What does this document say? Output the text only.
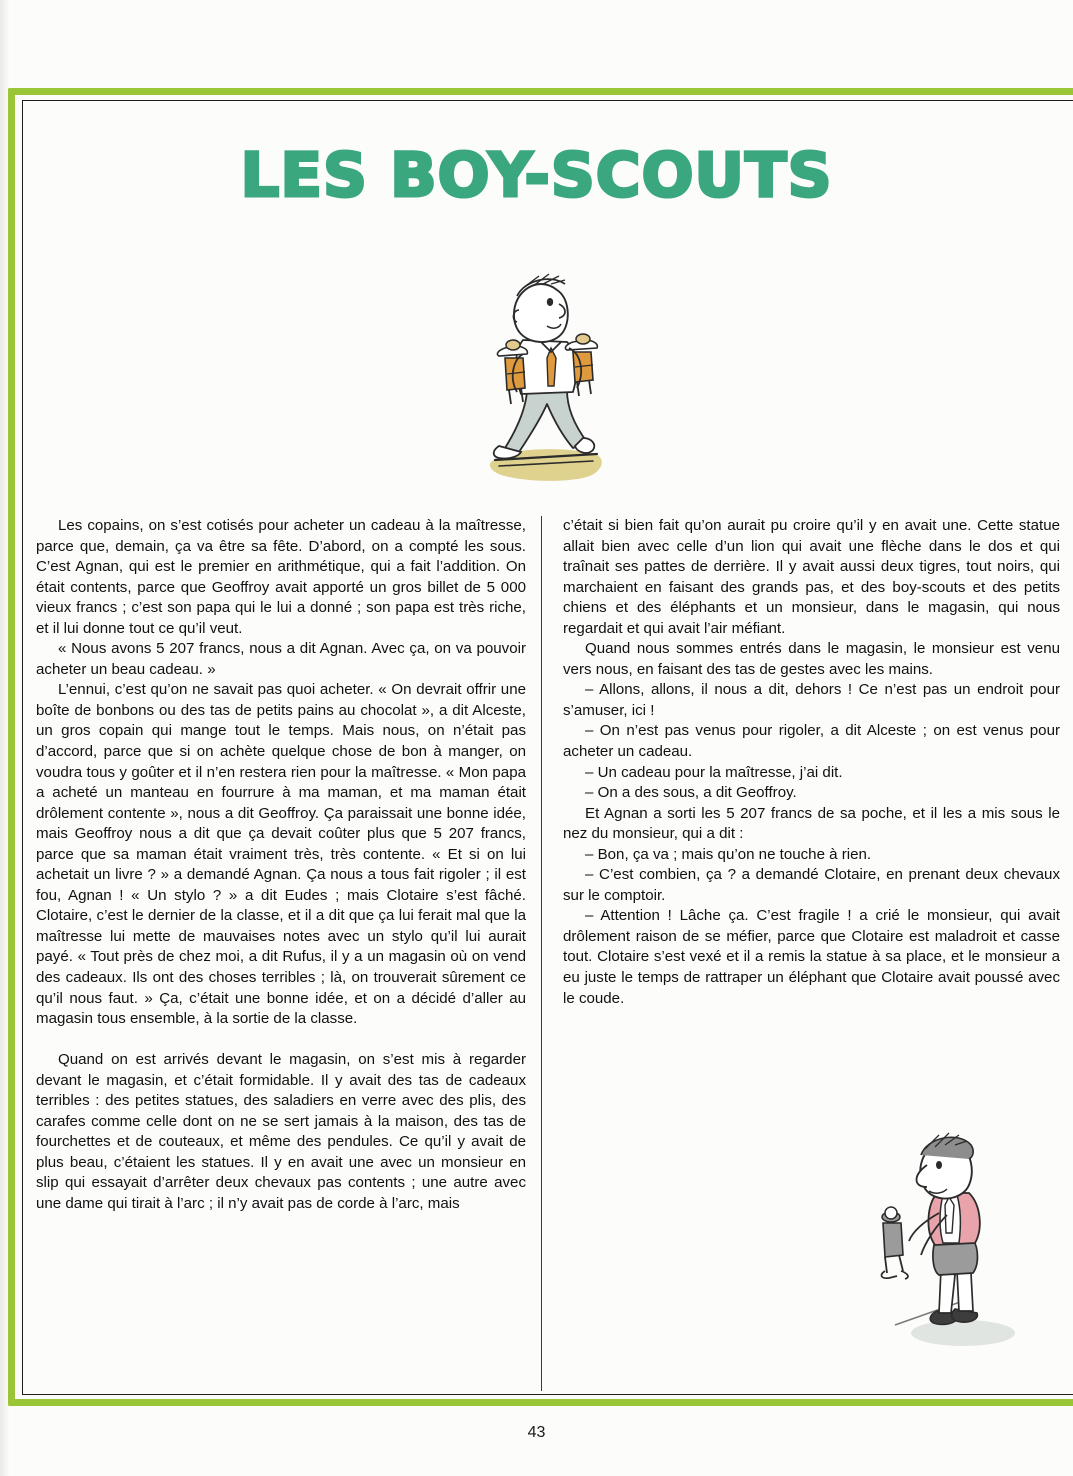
LES BOY-SCOUTS

Les copains, on s’est cotisés pour acheter un cadeau à la maîtresse, parce que, demain, ça va être sa fête. D’abord, on a compté les sous. C’est Agnan, qui est le premier en arithmétique, qui a fait l’addition. On était contents, parce que Geoffroy avait apporté un gros billet de 5 000 vieux francs ; c’est son papa qui le lui a donné ; son papa est très riche, et il lui donne tout ce qu’il veut.

« Nous avons 5 207 francs, nous a dit Agnan. Avec ça, on va pouvoir acheter un beau cadeau. »

L’ennui, c’est qu’on ne savait pas quoi acheter. « On devrait offrir une boîte de bonbons ou des tas de petits pains au chocolat », a dit Alceste, un gros copain qui mange tout le temps. Mais nous, on n’était pas d’accord, parce que si on achète quelque chose de bon à manger, on voudra tous y goûter et il n’en restera rien pour la maîtresse. « Mon papa a acheté un manteau en fourrure à ma maman, et ma maman était drôlement contente », nous a dit Geoffroy. Ça paraissait une bonne idée, mais Geoffroy nous a dit que ça devait coûter plus que 5 207 francs, parce que sa maman était vraiment très, très contente. « Et si on lui achetait un livre ? » a demandé Agnan. Ça nous a tous fait rigoler ; il est fou, Agnan ! « Un stylo ? » a dit Eudes ; mais Clotaire s’est fâché. Clotaire, c’est le dernier de la classe, et il a dit que ça lui ferait mal que la maîtresse lui mette de mauvaises notes avec un stylo qu’il lui aurait payé. « Tout près de chez moi, a dit Rufus, il y a un magasin où on vend des cadeaux. Ils ont des choses terribles ; là, on trouverait sûrement ce qu’il nous faut. » Ça, c’était une bonne idée, et on a décidé d’aller au magasin tous ensemble, à la sortie de la classe.

Quand on est arrivés devant le magasin, on s’est mis à regarder devant le magasin, et c’était formidable. Il y avait des tas de cadeaux terribles : des petites statues, des saladiers en verre avec des plis, des carafes comme celle dont on ne se sert jamais à la maison, des tas de fourchettes et de couteaux, et même des pendules. Ce qu’il y avait de plus beau, c’étaient les statues. Il y en avait une avec un monsieur en slip qui essayait d’arrêter deux chevaux pas contents ; une autre avec une dame qui tirait à l’arc ; il n’y avait pas de corde à l’arc, mais

c’était si bien fait qu’on aurait pu croire qu’il y en avait une. Cette statue allait bien avec celle d’un lion qui avait une flèche dans le dos et qui traînait ses pattes de derrière. Il y avait aussi deux tigres, tout noirs, qui marchaient en faisant des grands pas, et des boy-scouts et des petits chiens et des éléphants et un monsieur, dans le magasin, qui nous regardait et qui avait l’air méfiant.

Quand nous sommes entrés dans le magasin, le monsieur est venu vers nous, en faisant des tas de gestes avec les mains.

– Allons, allons, il nous a dit, dehors ! Ce n’est pas un endroit pour s’amuser, ici !

– On n’est pas venus pour rigoler, a dit Alceste ; on est venus pour acheter un cadeau.

– Un cadeau pour la maîtresse, j’ai dit.

– On a des sous, a dit Geoffroy.

Et Agnan a sorti les 5 207 francs de sa poche, et il les a mis sous le nez du monsieur, qui a dit :

– Bon, ça va ; mais qu’on ne touche à rien.

– C’est combien, ça ? a demandé Clotaire, en prenant deux chevaux sur le comptoir.

– Attention ! Lâche ça. C’est fragile ! a crié le monsieur, qui avait drôlement raison de se méfier, parce que Clotaire est maladroit et casse tout. Clotaire s’est vexé et il a remis la statue à sa place, et le monsieur a eu juste le temps de rattraper un éléphant que Clotaire avait poussé avec le coude.

43
